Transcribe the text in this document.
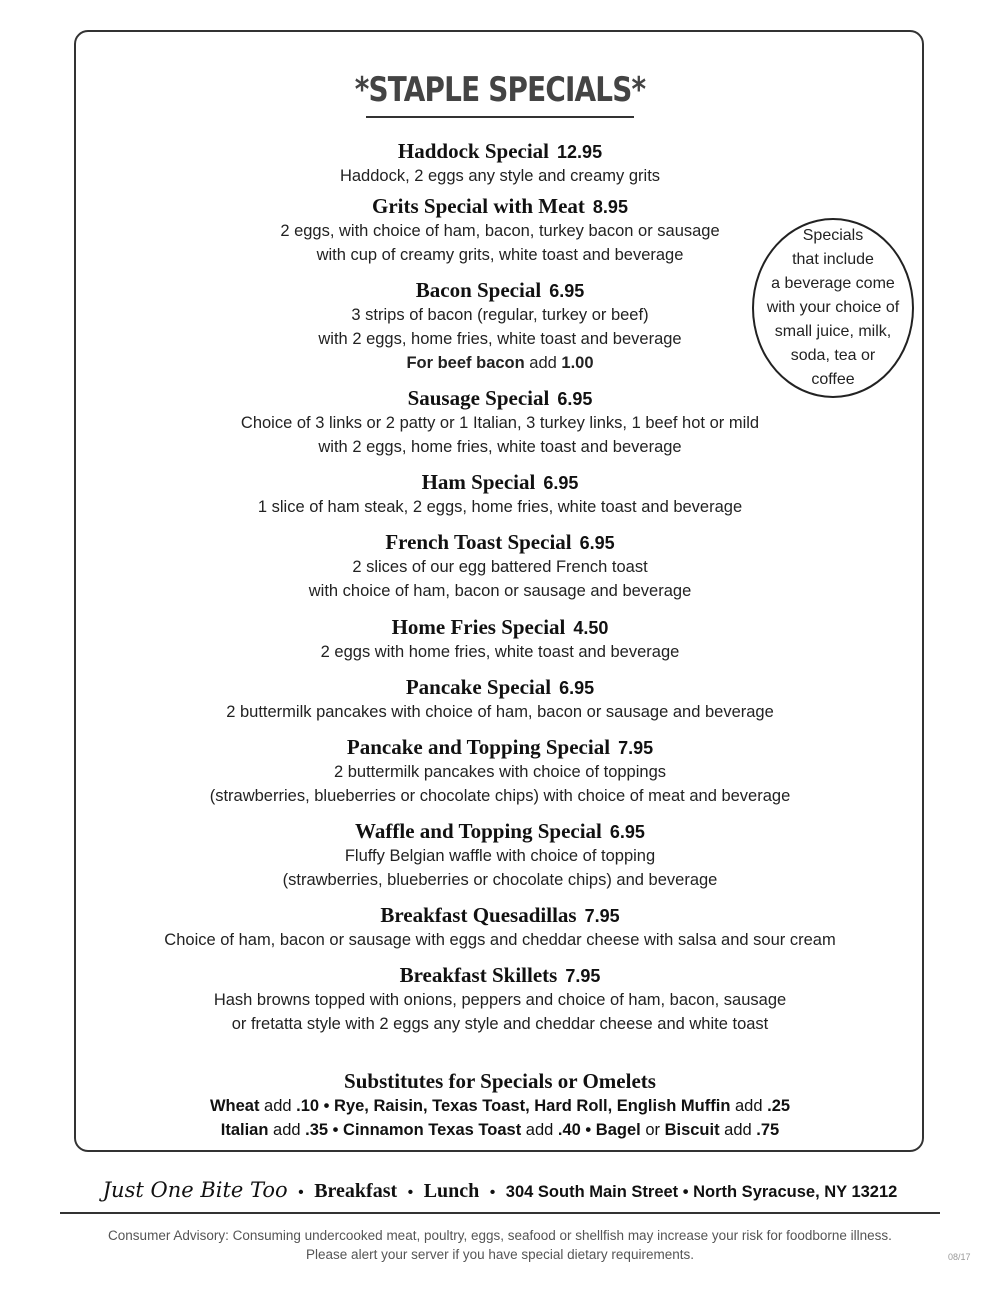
*STAPLE SPECIALS*
Haddock Special 12.95
Haddock, 2 eggs any style and creamy grits
Grits Special with Meat 8.95
2 eggs, with choice of ham, bacon, turkey bacon or sausage
with cup of creamy grits, white toast and beverage
Bacon Special 6.95
3 strips of bacon (regular, turkey or beef)
with 2 eggs, home fries, white toast and beverage
For beef bacon add 1.00
Sausage Special 6.95
Choice of 3 links or 2 patty or 1 Italian, 3 turkey links, 1 beef hot or mild
with 2 eggs, home fries, white toast and beverage
Ham Special 6.95
1 slice of ham steak, 2 eggs, home fries, white toast and beverage
French Toast Special 6.95
2 slices of our egg battered French toast
with choice of ham, bacon or sausage and beverage
Home Fries Special 4.50
2 eggs with home fries, white toast and beverage
Pancake Special 6.95
2 buttermilk pancakes with choice of ham, bacon or sausage and beverage
Pancake and Topping Special 7.95
2 buttermilk pancakes with choice of toppings
(strawberries, blueberries or chocolate chips) with choice of meat and beverage
Waffle and Topping Special 6.95
Fluffy Belgian waffle with choice of topping
(strawberries, blueberries or chocolate chips) and beverage
Breakfast Quesadillas 7.95
Choice of ham, bacon or sausage with eggs and cheddar cheese with salsa and sour cream
Breakfast Skillets 7.95
Hash browns topped with onions, peppers and choice of ham, bacon, sausage
or fretatta style with 2 eggs any style and cheddar cheese and white toast
Specials
that include
a beverage come
with your choice of
small juice, milk,
soda, tea or
coffee
Substitutes for Specials or Omelets
Wheat add .10 • Rye, Raisin, Texas Toast, Hard Roll, English Muffin add .25
Italian add .35 • Cinnamon Texas Toast add .40 • Bagel or Biscuit add .75
Just One Bite Too • Breakfast • Lunch • 304 South Main Street • North Syracuse, NY 13212
Consumer Advisory: Consuming undercooked meat, poultry, eggs, seafood or shellfish may increase your risk for foodborne illness.
Please alert your server if you have special dietary requirements.	08/17
